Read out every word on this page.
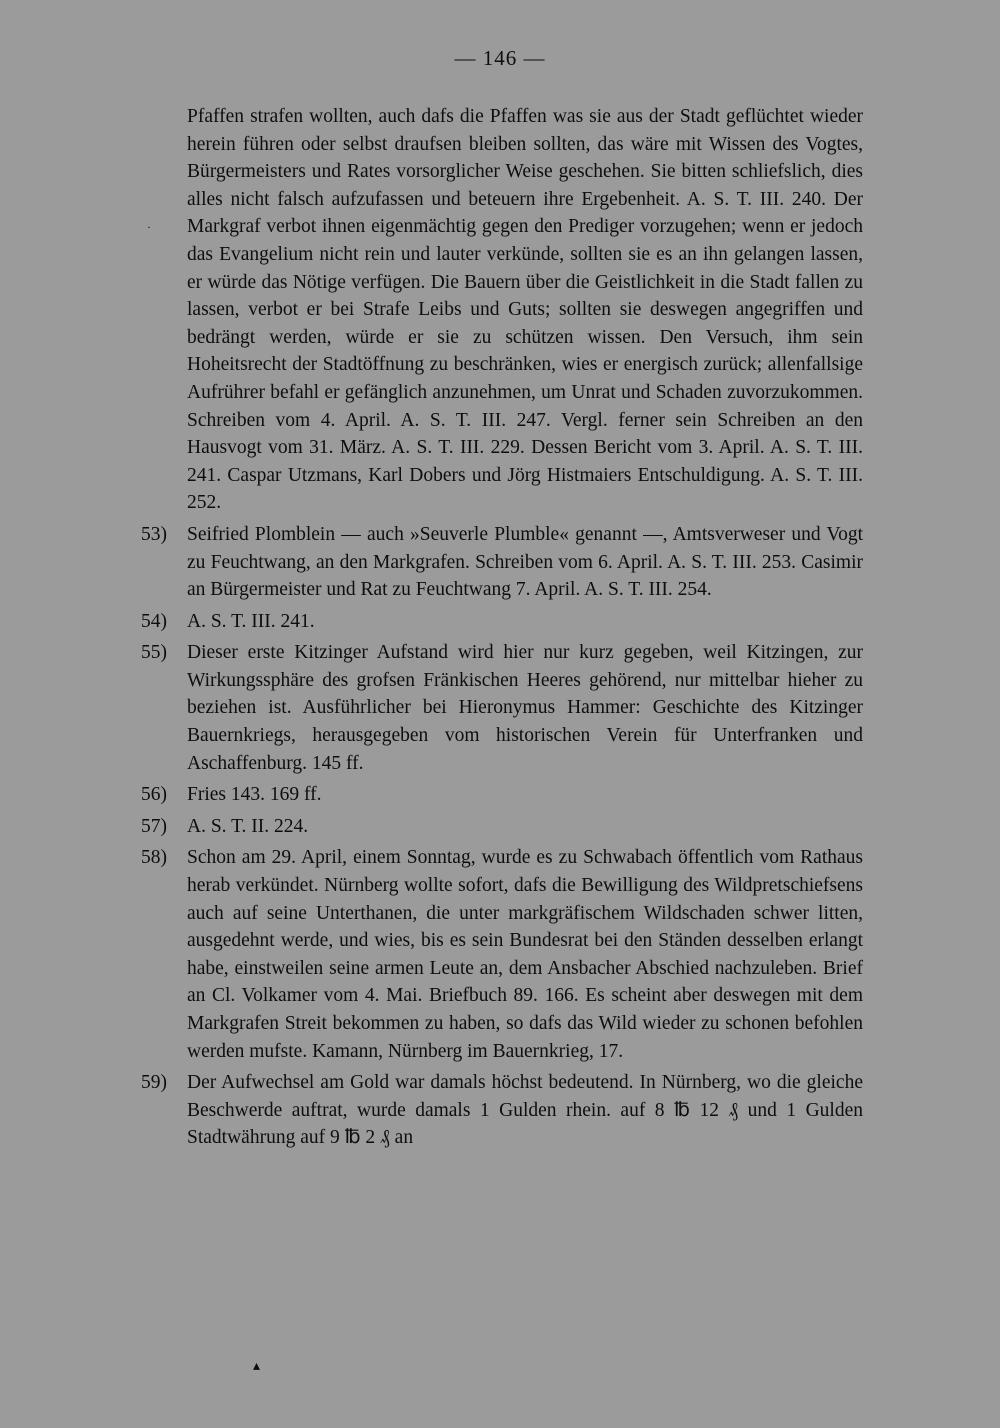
— 146 —
·
Pfaffen strafen wollten, auch dafs die Pfaffen was sie aus der Stadt geflüchtet wieder herein führen oder selbst draufsen bleiben sollten, das wäre mit Wissen des Vogtes, Bürgermeisters und Rates vorsorglicher Weise geschehen. Sie bitten schliefslich, dies alles nicht falsch aufzufassen und beteuern ihre Ergebenheit. A. S. T. III. 240. Der Markgraf verbot ihnen eigenmächtig gegen den Prediger vorzugehen; wenn er jedoch das Evangelium nicht rein und lauter verkünde, sollten sie es an ihn gelangen lassen, er würde das Nötige verfügen. Die Bauern über die Geistlichkeit in die Stadt fallen zu lassen, verbot er bei Strafe Leibs und Guts; sollten sie deswegen angegriffen und bedrängt werden, würde er sie zu schützen wissen. Den Versuch, ihm sein Hoheitsrecht der Stadtöffnung zu beschränken, wies er energisch zurück; allenfallsige Aufrührer befahl er gefänglich anzunehmen, um Unrat und Schaden zuvorzukommen. Schreiben vom 4. April. A. S. T. III. 247. Vergl. ferner sein Schreiben an den Hausvogt vom 31. März. A. S. T. III. 229. Dessen Bericht vom 3. April. A. S. T. III. 241. Caspar Utzmans, Karl Dobers und Jörg Histmaiers Entschuldigung. A. S. T. III. 252.
53) Seifried Plomblein — auch »Seuverle Plumble« genannt —, Amtsverweser und Vogt zu Feuchtwang, an den Markgrafen. Schreiben vom 6. April. A. S. T. III. 253. Casimir an Bürgermeister und Rat zu Feuchtwang 7. April. A. S. T. III. 254.
54) A. S. T. III. 241.
55) Dieser erste Kitzinger Aufstand wird hier nur kurz gegeben, weil Kitzingen, zur Wirkungssphäre des grofsen Fränkischen Heeres gehörend, nur mittelbar hieher zu beziehen ist. Ausführlicher bei Hieronymus Hammer: Geschichte des Kitzinger Bauernkriegs, herausgegeben vom historischen Verein für Unterfranken und Aschaffenburg. 145 ff.
56) Fries 143. 169 ff.
57) A. S. T. II. 224.
58) Schon am 29. April, einem Sonntag, wurde es zu Schwabach öffentlich vom Rathaus herab verkündet. Nürnberg wollte sofort, dafs die Bewilligung des Wildpretschiefsens auch auf seine Unterthanen, die unter markgräfischem Wildschaden schwer litten, ausgedehnt werde, und wies, bis es sein Bundesrat bei den Ständen desselben erlangt habe, einstweilen seine armen Leute an, dem Ansbacher Abschied nachzuleben. Brief an Cl. Volkamer vom 4. Mai. Briefbuch 89. 166. Es scheint aber deswegen mit dem Markgrafen Streit bekommen zu haben, so dafs das Wild wieder zu schonen befohlen werden mufste. Kamann, Nürnberg im Bauernkrieg, 17.
59) Der Aufwechsel am Gold war damals höchst bedeutend. In Nürnberg, wo die gleiche Beschwerde auftrat, wurde damals 1 Gulden rhein. auf 8 ℔ 12 ₰ und 1 Gulden Stadtwährung auf 9 ℔ 2 ₰ an
▴
